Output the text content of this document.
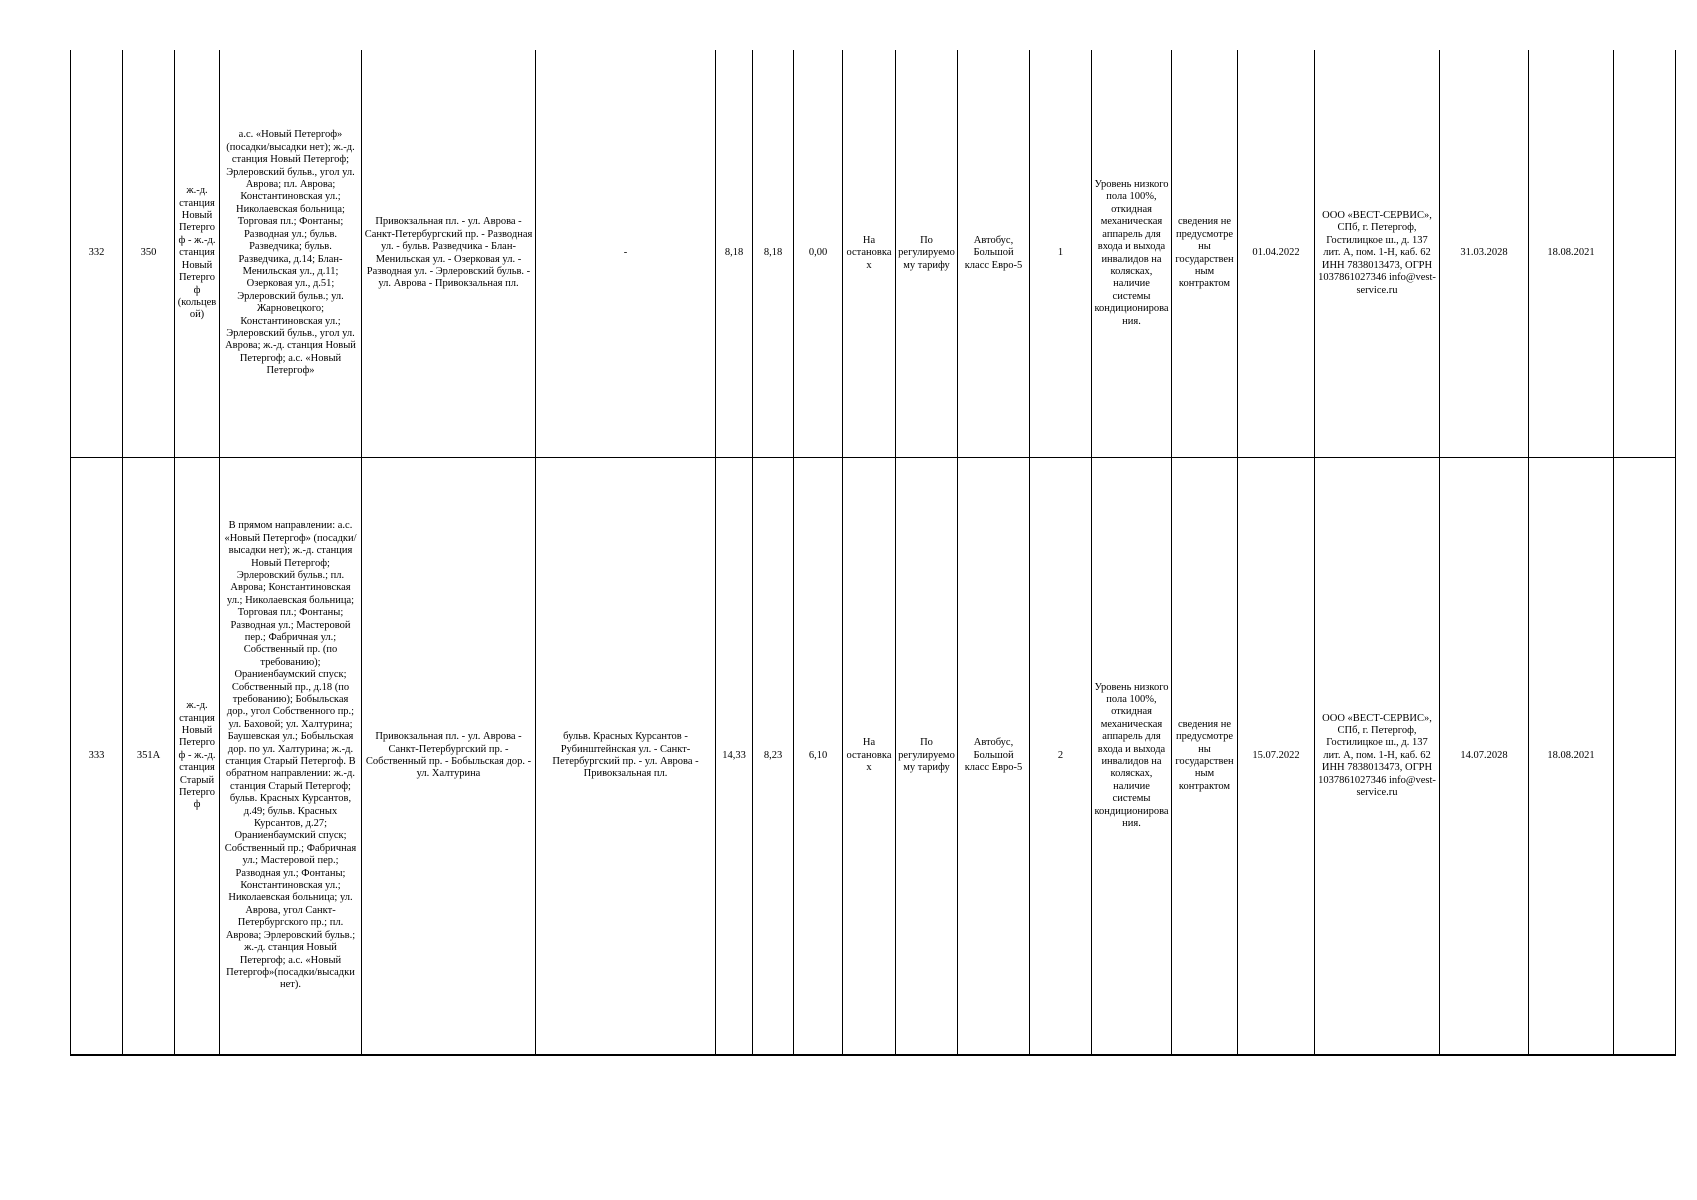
332	350	ж.-д. станция Новый Петергоф - ж.-д. станция Новый Петергоф (кольцевой)	а.с. «Новый Петергоф» (посадки/высадки нет); ж.-д. станция Новый Петергоф; Эрлеровский бульв., угол ул. Аврова; пл. Аврова; Константиновская ул.; Николаевская больница; Торговая пл.; Фонтаны; Разводная ул.; бульв. Разведчика; бульв. Разведчика, д.14; Блан-Менильская ул., д.11; Озерковая ул., д.51; Эрлеровский бульв.; ул. Жарновецкого; Константиновская ул.; Эрлеровский бульв., угол ул. Аврова; ж.-д. станция Новый Петергоф; а.с. «Новый Петергоф»	Привокзальная пл. - ул. Аврова - Санкт-Петербургский пр. - Разводная ул. - бульв. Разведчика - Блан-Менильская ул. - Озерковая ул. - Разводная ул. - Эрлеровский бульв. - ул. Аврова - Привокзальная пл.	-	8,18	8,18	0,00	На остановках	По регулируемому тарифу	Автобус, Большой класс Евро-5	1	Уровень низкого пола 100%, откидная механическая аппарель для входа и выхода инвалидов на колясках, наличие системы кондиционирования.	сведения не предусмотрены государственным контрактом	01.04.2022	ООО «ВЕСТ-СЕРВИС», СПб, г. Петергоф, Гостилицкое ш., д. 137 лит. А, пом. 1-Н, каб. 62 ИНН 7838013473, ОГРН 1037861027346 info@vest-service.ru	31.03.2028	18.08.2021	
333	351А	ж.-д. станция Новый Петергоф - ж.-д. станция Старый Петергоф	В прямом направлении: а.с. «Новый Петергоф» (посадки/высадки нет); ж.-д. станция Новый Петергоф; Эрлеровский бульв.; пл. Аврова; Константиновская ул.; Николаевская больница; Торговая пл.; Фонтаны; Разводная ул.; Мастеровой пер.; Фабричная ул.; Собственный пр. (по требованию); Ораниенбаумский спуск; Собственный пр., д.18 (по требованию); Бобыльская дор., угол Собственного пр.; ул. Баховой; ул. Халтурина; Баушевская ул.; Бобыльская дор. по ул. Халтурина; ж.-д. станция Старый Петергоф. В обратном направлении: ж.-д. станция Старый Петергоф; бульв. Красных Курсантов, д.49; бульв. Красных Курсантов, д.27; Ораниенбаумский спуск; Собственный пр.; Фабричная ул.; Мастеровой пер.; Разводная ул.; Фонтаны; Константиновская ул.; Николаевская больница; ул. Аврова, угол Санкт-Петербургского пр.; пл. Аврова; Эрлеровский бульв.; ж.-д. станция Новый Петергоф; а.с. «Новый Петергоф»(посадки/высадки нет).	Привокзальная пл. - ул. Аврова - Санкт-Петербургский пр. - Собственный пр. - Бобыльская дор. - ул. Халтурина	бульв. Красных Курсантов - Рубинштейнская ул. - Санкт-Петербургский пр. - ул. Аврова - Привокзальная пл.	14,33	8,23	6,10	На остановках	По регулируемому тарифу	Автобус, Большой класс Евро-5	2	Уровень низкого пола 100%, откидная механическая аппарель для входа и выхода инвалидов на колясках, наличие системы кондиционирования.	сведения не предусмотрены государственным контрактом	15.07.2022	ООО «ВЕСТ-СЕРВИС», СПб, г. Петергоф, Гостилицкое ш., д. 137 лит. А, пом. 1-Н, каб. 62 ИНН 7838013473, ОГРН 1037861027346 info@vest-service.ru	14.07.2028	18.08.2021	
